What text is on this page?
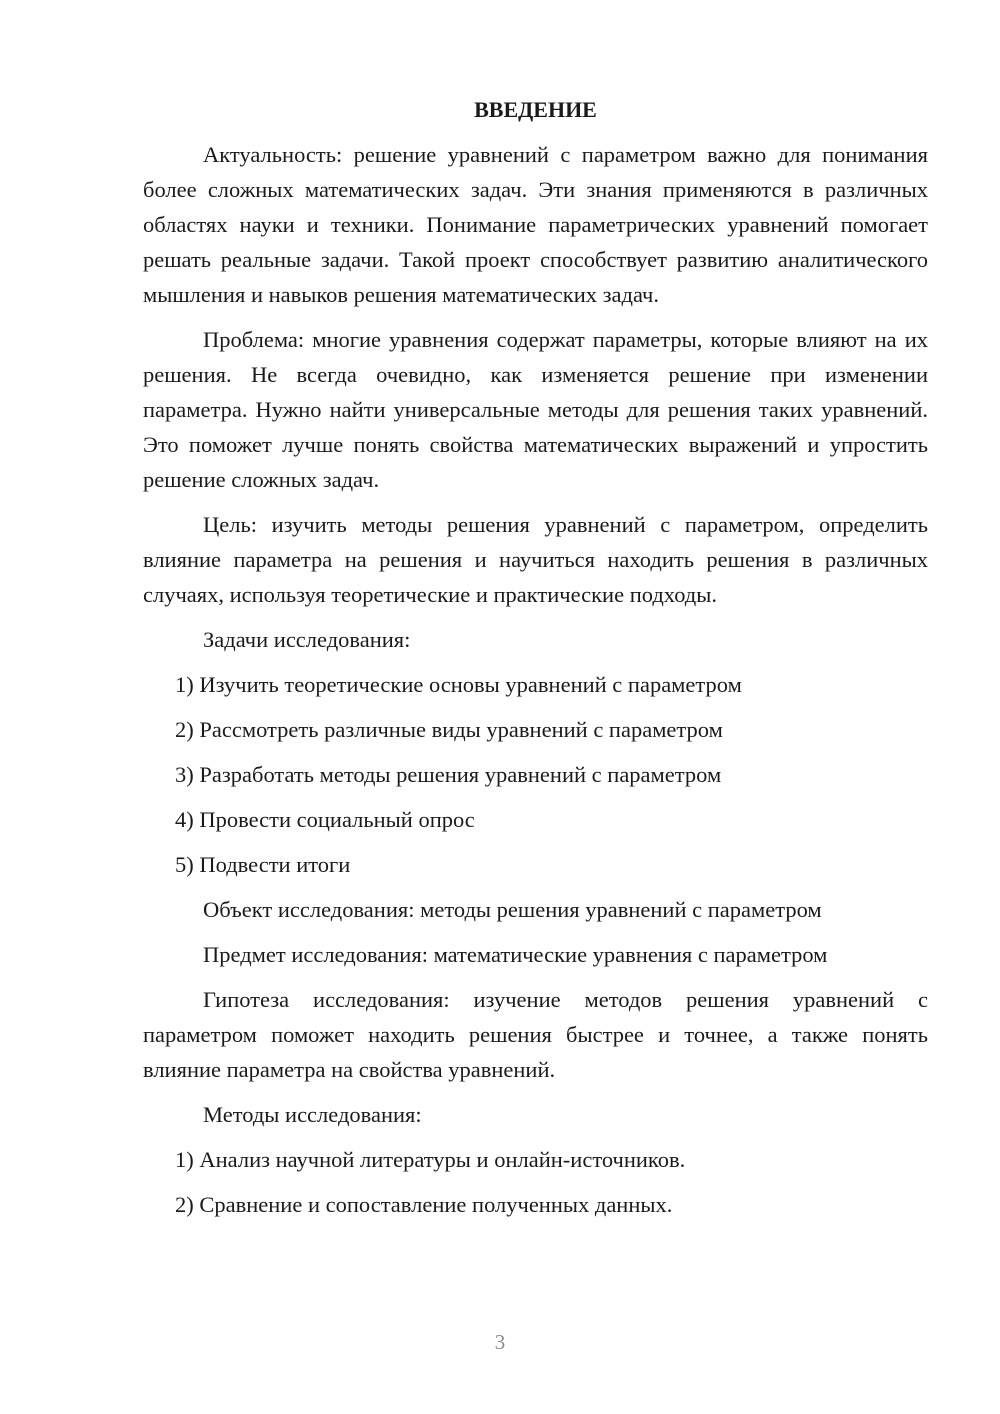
ВВЕДЕНИЕ

Актуальность: решение уравнений с параметром важно для понимания более сложных математических задач. Эти знания применяются в различных областях науки и техники. Понимание параметрических уравнений помогает решать реальные задачи. Такой проект способствует развитию аналитического мышления и навыков решения математических задач.

Проблема: многие уравнения содержат параметры, которые влияют на их решения. Не всегда очевидно, как изменяется решение при изменении параметра. Нужно найти универсальные методы для решения таких уравнений. Это поможет лучше понять свойства математических выражений и упростить решение сложных задач.

Цель: изучить методы решения уравнений с параметром, определить влияние параметра на решения и научиться находить решения в различных случаях, используя теоретические и практические подходы.

Задачи исследования:

1) Изучить теоретические основы уравнений с параметром

2) Рассмотреть различные виды уравнений с параметром

3) Разработать методы решения уравнений с параметром

4) Провести социальный опрос

5) Подвести итоги

Объект исследования: методы решения уравнений с параметром

Предмет исследования: математические уравнения с параметром

Гипотеза исследования: изучение методов решения уравнений с параметром поможет находить решения быстрее и точнее, а также понять влияние параметра на свойства уравнений.

Методы исследования:

1) Анализ научной литературы и онлайн-источников.

2) Сравнение и сопоставление полученных данных.

3
